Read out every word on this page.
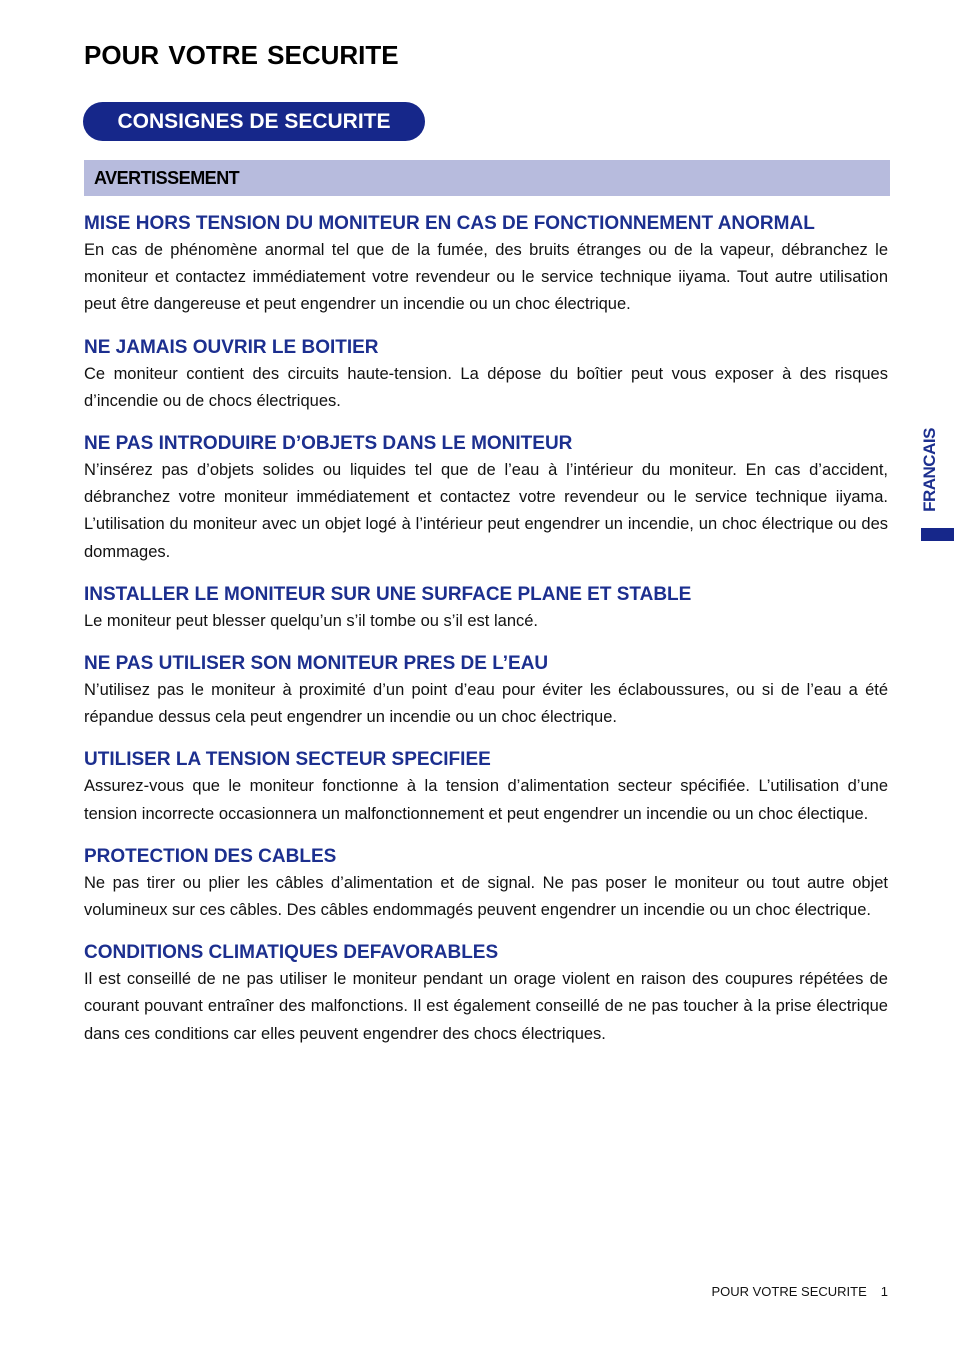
POUR VOTRE SECURITE
CONSIGNES DE SECURITE
AVERTISSEMENT
MISE HORS TENSION DU MONITEUR EN CAS DE FONCTIONNEMENT ANORMAL

En cas de phénomène anormal tel que de la fumée, des bruits étranges ou de la vapeur, débranchez le moniteur et contactez immédiatement votre revendeur ou le service technique iiyama. Tout autre utilisation peut être dangereuse et peut engendrer un incendie ou un choc électrique.

NE JAMAIS OUVRIR LE BOITIER

Ce moniteur contient des circuits haute-tension. La dépose du boîtier peut vous exposer à des risques d’incendie ou de chocs électriques.

NE PAS INTRODUIRE D’OBJETS DANS LE MONITEUR

N’insérez pas d’objets solides ou liquides tel que de l’eau à l’intérieur du moniteur. En cas d’accident, débranchez votre moniteur immédiatement et contactez votre revendeur ou le service technique iiyama. L’utilisation du moniteur avec un objet logé à l’intérieur peut engendrer un incendie, un choc électrique ou des dommages.

INSTALLER LE MONITEUR SUR UNE SURFACE PLANE ET STABLE

Le moniteur peut blesser quelqu’un s’il tombe ou s’il est lancé.

NE PAS UTILISER SON MONITEUR PRES DE L’EAU

N’utilisez pas le moniteur à proximité d’un point d’eau pour éviter les éclaboussures, ou si de l’eau a été répandue dessus cela peut engendrer un incendie ou un choc électrique.

UTILISER LA TENSION SECTEUR SPECIFIEE

Assurez-vous que le moniteur fonctionne à la tension d’alimentation secteur spécifiée. L’utilisation d’une tension incorrecte occasionnera un malfonctionnement et peut engendrer un incendie ou un choc électique.

PROTECTION DES CABLES

Ne pas tirer ou plier les câbles d’alimentation et de signal. Ne pas poser le moniteur ou tout autre objet volumineux sur ces câbles. Des câbles endommagés peuvent engendrer un incendie ou un choc électrique.

CONDITIONS CLIMATIQUES DEFAVORABLES

Il est conseillé de ne pas utiliser le moniteur pendant un orage violent en raison des coupures répétées de courant pouvant entraîner des malfonctions. Il est également conseillé de ne pas toucher à la prise électrique dans ces conditions car elles peuvent engendrer des chocs électriques.

FRANCAIS
POUR VOTRE SECURITE 1
